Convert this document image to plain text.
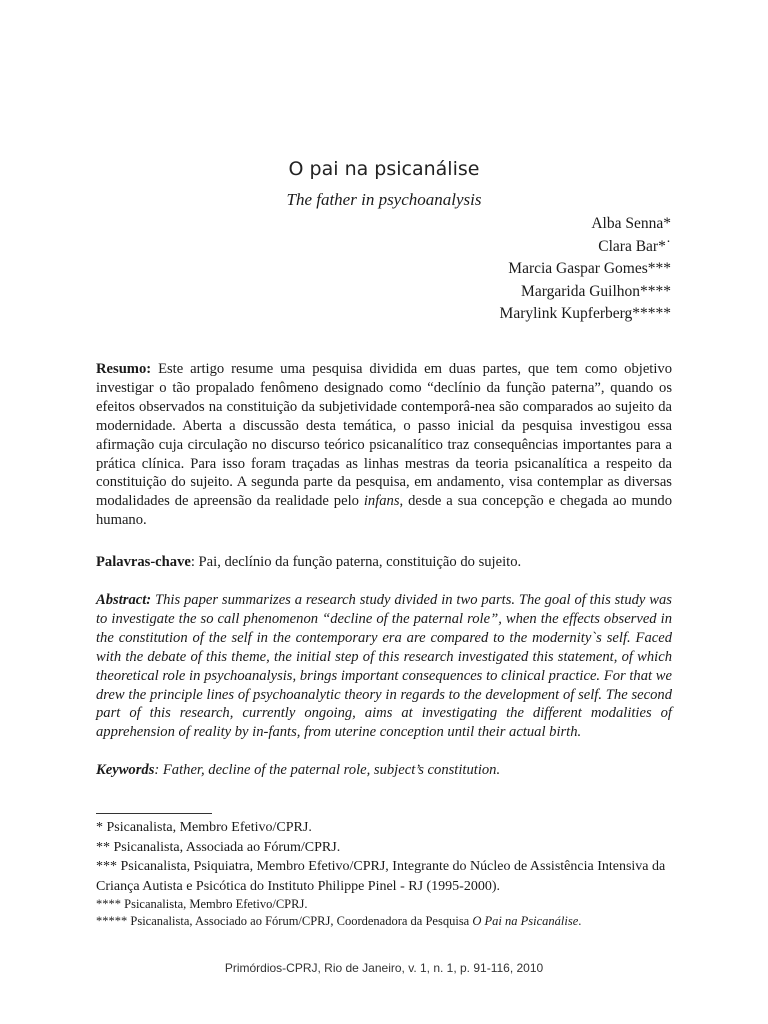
O pai na psicanálise
The father in psychoanalysis
Alba Senna*
Clara Bar*˙
Marcia Gaspar Gomes***
Margarida Guilhon****
Marylink Kupferberg*****
Resumo: Este artigo resume uma pesquisa dividida em duas partes, que tem como objetivo investigar o tão propalado fenômeno designado como “declínio da função paterna”, quando os efeitos observados na constituição da subjetividade contemporâ-nea são comparados ao sujeito da modernidade. Aberta a discussão desta temática, o passo inicial da pesquisa investigou essa afirmação cuja circulação no discurso teórico psicanalítico traz consequências importantes para a prática clínica. Para isso foram traçadas as linhas mestras da teoria psicanalítica a respeito da constituição do sujeito. A segunda parte da pesquisa, em andamento, visa contemplar as diversas modalidades de apreensão da realidade pelo infans, desde a sua concepção e chegada ao mundo humano.
Palavras-chave: Pai, declínio da função paterna, constituição do sujeito.
Abstract: This paper summarizes a research study divided in two parts. The goal of this study was to investigate the so call phenomenon “decline of the paternal role”, when the effects observed in the constitution of the self in the contemporary era are compared to the modernity`s self. Faced with the debate of this theme, the initial step of this research investigated this statement, of which theoretical role in psychoanalysis, brings important consequences to clinical practice. For that we drew the principle lines of psychoanalytic theory in regards to the development of self. The second part of this research, currently ongoing, aims at investigating the different modalities of apprehension of reality by in-fants, from uterine conception until their actual birth.
Keywords: Father, decline of the paternal role, subject’s constitution.
* Psicanalista, Membro Efetivo/CPRJ.
** Psicanalista, Associada ao Fórum/CPRJ.
*** Psicanalista, Psiquiatra, Membro Efetivo/CPRJ, Integrante do Núcleo de Assistência Intensiva da Criança Autista e Psicótica do Instituto Philippe Pinel - RJ (1995-2000).
**** Psicanalista, Membro Efetivo/CPRJ.
***** Psicanalista, Associado ao Fórum/CPRJ, Coordenadora da Pesquisa O Pai na Psicanálise.
Primórdios-CPRJ, Rio de Janeiro, v. 1, n. 1, p. 91-116, 2010
